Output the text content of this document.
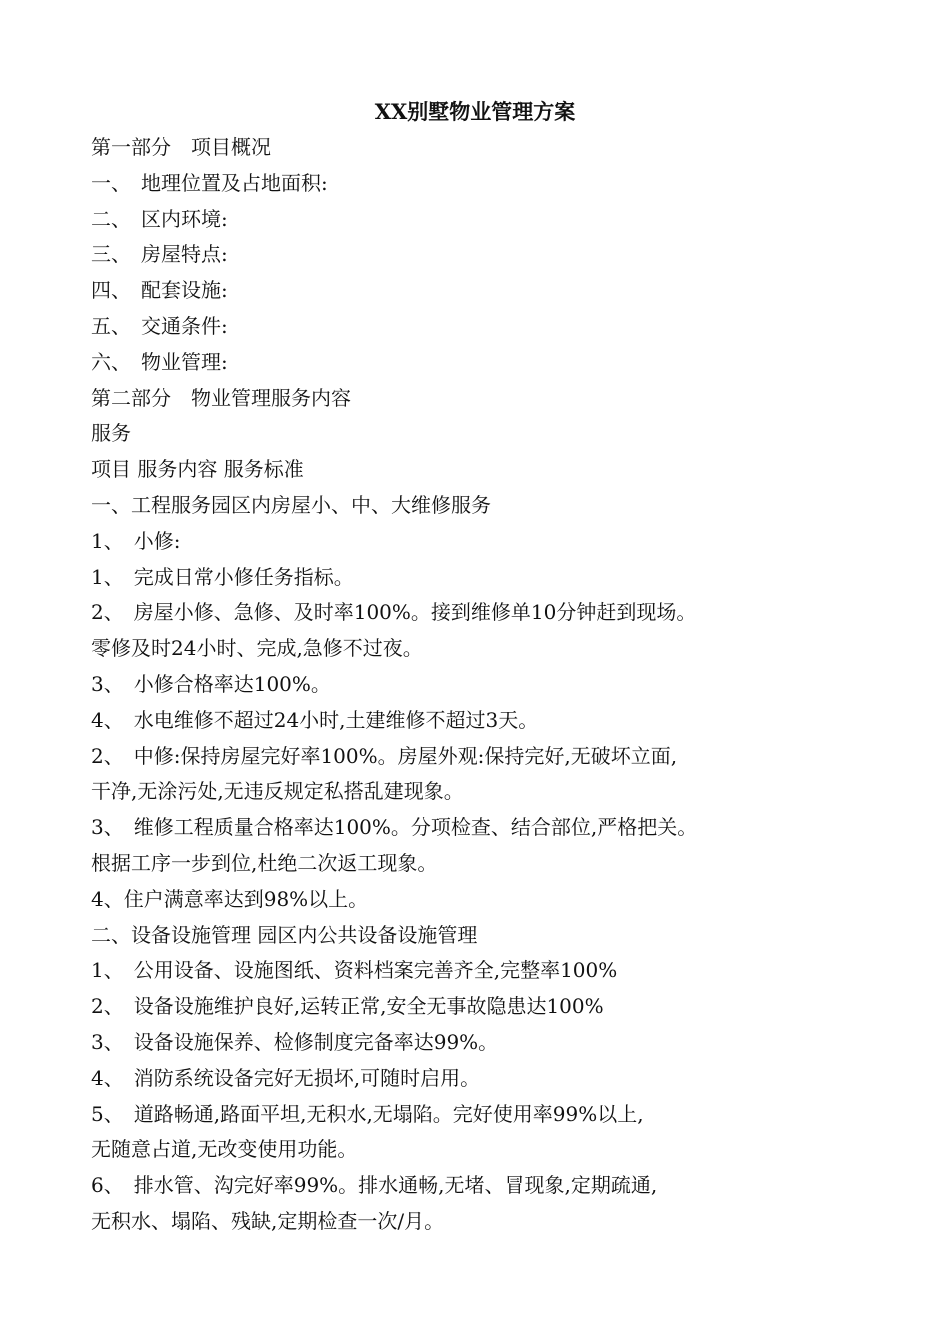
XX别墅物业管理方案
第一部分　项目概况
一、　地理位置及占地面积:
二、　区内环境:
三、　房屋特点:
四、　配套设施:
五、　交通条件:
六、　物业管理:
第二部分　物业管理服务内容
服务
项目 服务内容 服务标准
一、工程服务园区内房屋小、中、大维修服务
1、　小修:
1、　完成日常小修任务指标。
2、　房屋小修、急修、及时率100%。接到维修单10分钟赶到现场。
零修及时24小时、完成,急修不过夜。
3、　小修合格率达100%。
4、　水电维修不超过24小时,土建维修不超过3天。
2、　中修:保持房屋完好率100%。房屋外观:保持完好,无破坏立面,
干净,无涂污处,无违反规定私搭乱建现象。
3、　维修工程质量合格率达100%。分项检查、结合部位,严格把关。
根据工序一步到位,杜绝二次返工现象。
4、住户满意率达到98%以上。
二、设备设施管理 园区内公共设备设施管理
1、　公用设备、设施图纸、资料档案完善齐全,完整率100%
2、　设备设施维护良好,运转正常,安全无事故隐患达100%
3、　设备设施保养、检修制度完备率达99%。
4、　消防系统设备完好无损坏,可随时启用。
5、　道路畅通,路面平坦,无积水,无塌陷。完好使用率99%以上,
无随意占道,无改变使用功能。
6、　排水管、沟完好率99%。排水通畅,无堵、冒现象,定期疏通,
无积水、塌陷、残缺,定期检查一次/月。
